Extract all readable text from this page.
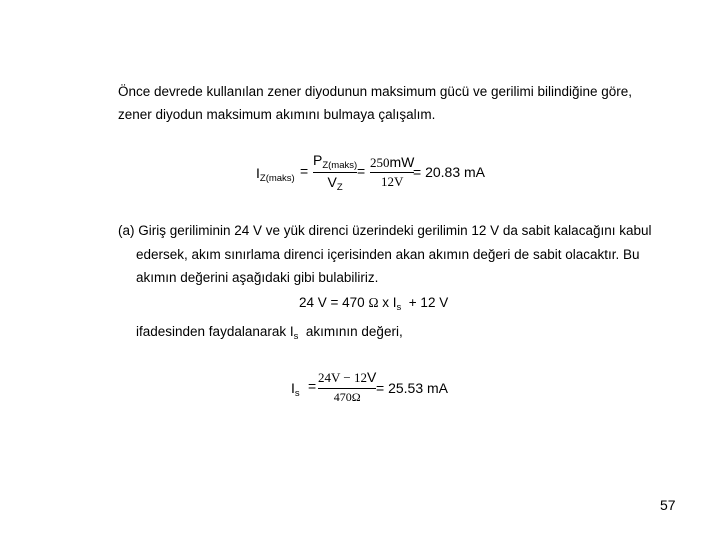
Önce devrede kullanılan zener diyodunun maksimum gücü ve gerilimi bilindiğine göre,
zener diyodun maksimum akımını bulmaya çalışalım.
$I_{Z(maks)}$ =
$P_{Z(maks)}$
$V_Z$
=
250mW
12V
= 20.83 mA
(a) Giriş geriliminin 24 V ve yük direnci üzerindeki gerilimin 12 V da sabit kalacağını kabul
edersek, akım sınırlama direnci içerisinden akan akımın değeri de sabit olacaktır. Bu
akımın değerini aşağıdaki gibi bulabiliriz.
24 V = 470 Ω x $I_s + 12$ V
ifadesinden faydalanarak $I_s$ akımının değeri,
$I_s$ =
24V − 12V
470Ω
= 25.53 mA
57
